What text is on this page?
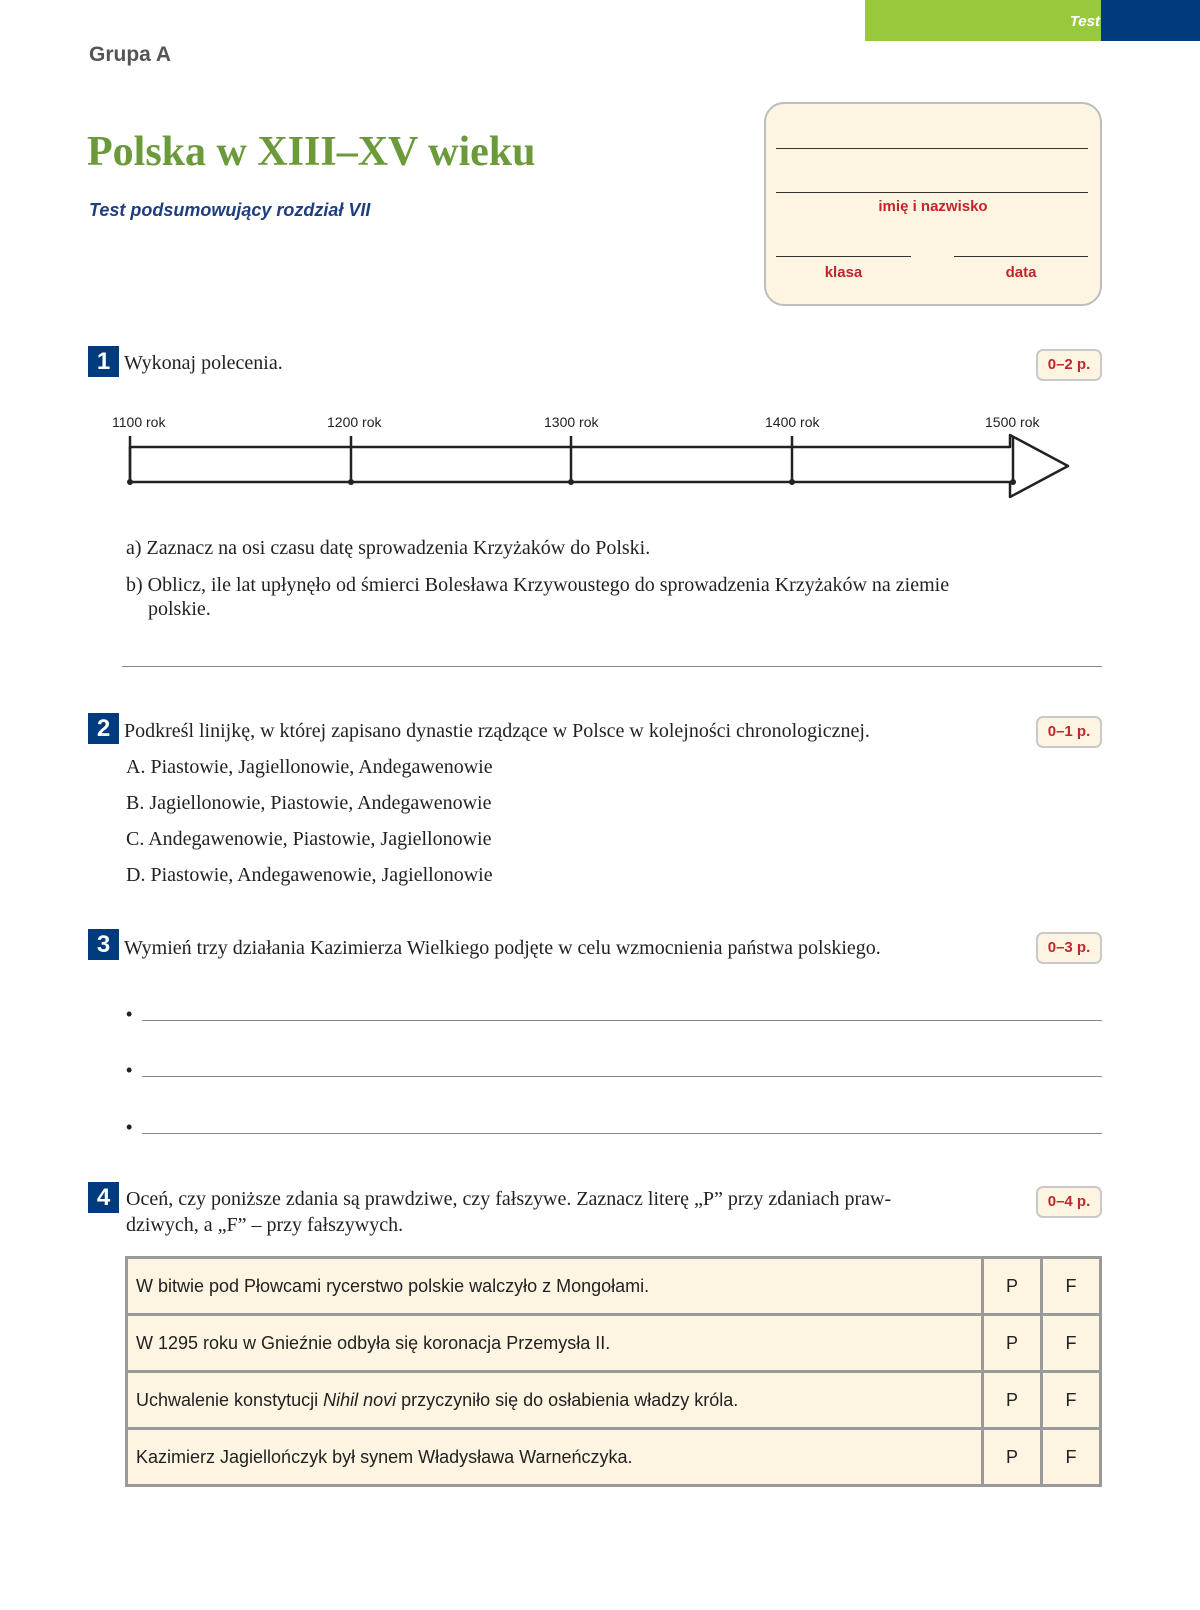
Test
Grupa A
Polska w XIII–XV wieku
Test podsumowujący rozdział VII	imię i nazwisko
klasa	data
1 Wykonaj polecenia.	0–2 p.
1100 rok	1200 rok	1300 rok	1400 rok	1500 rok
a) Zaznacz na osi czasu datę sprowadzenia Krzyżaków do Polski.
b) Oblicz, ile lat upłynęło od śmierci Bolesława Krzywoustego do sprowadzenia Krzyżaków na ziemie
polskie.
2 Podkreśl linijkę, w której zapisano dynastie rządzące w Polsce w kolejności chronologicznej.	0–1 p.
A. Piastowie, Jagiellonowie, Andegawenowie
B. Jagiellonowie, Piastowie, Andegawenowie
C. Andegawenowie, Piastowie, Jagiellonowie
D. Piastowie, Andegawenowie, Jagiellonowie
3 Wymień trzy działania Kazimierza Wielkiego podjęte w celu wzmocnienia państwa polskiego.	0–3 p.
•
•
•
4 Oceń, czy poniższe zdania są prawdziwe, czy fałszywe. Zaznacz literę „P” przy zdaniach praw-
dziwych, a „F” – przy fałszywych.
0–4 p.
W bitwie pod Płowcami rycerstwo polskie walczyło z Mongołami.	P	F
W 1295 roku w Gnieźnie odbyła się koronacja Przemysła II.	P	F
Uchwalenie konstytucji Nihil novi przyczyniło się do osłabienia władzy króla.	P	F
Kazimierz Jagiellończyk był synem Władysława Warneńczyka.	P	F
